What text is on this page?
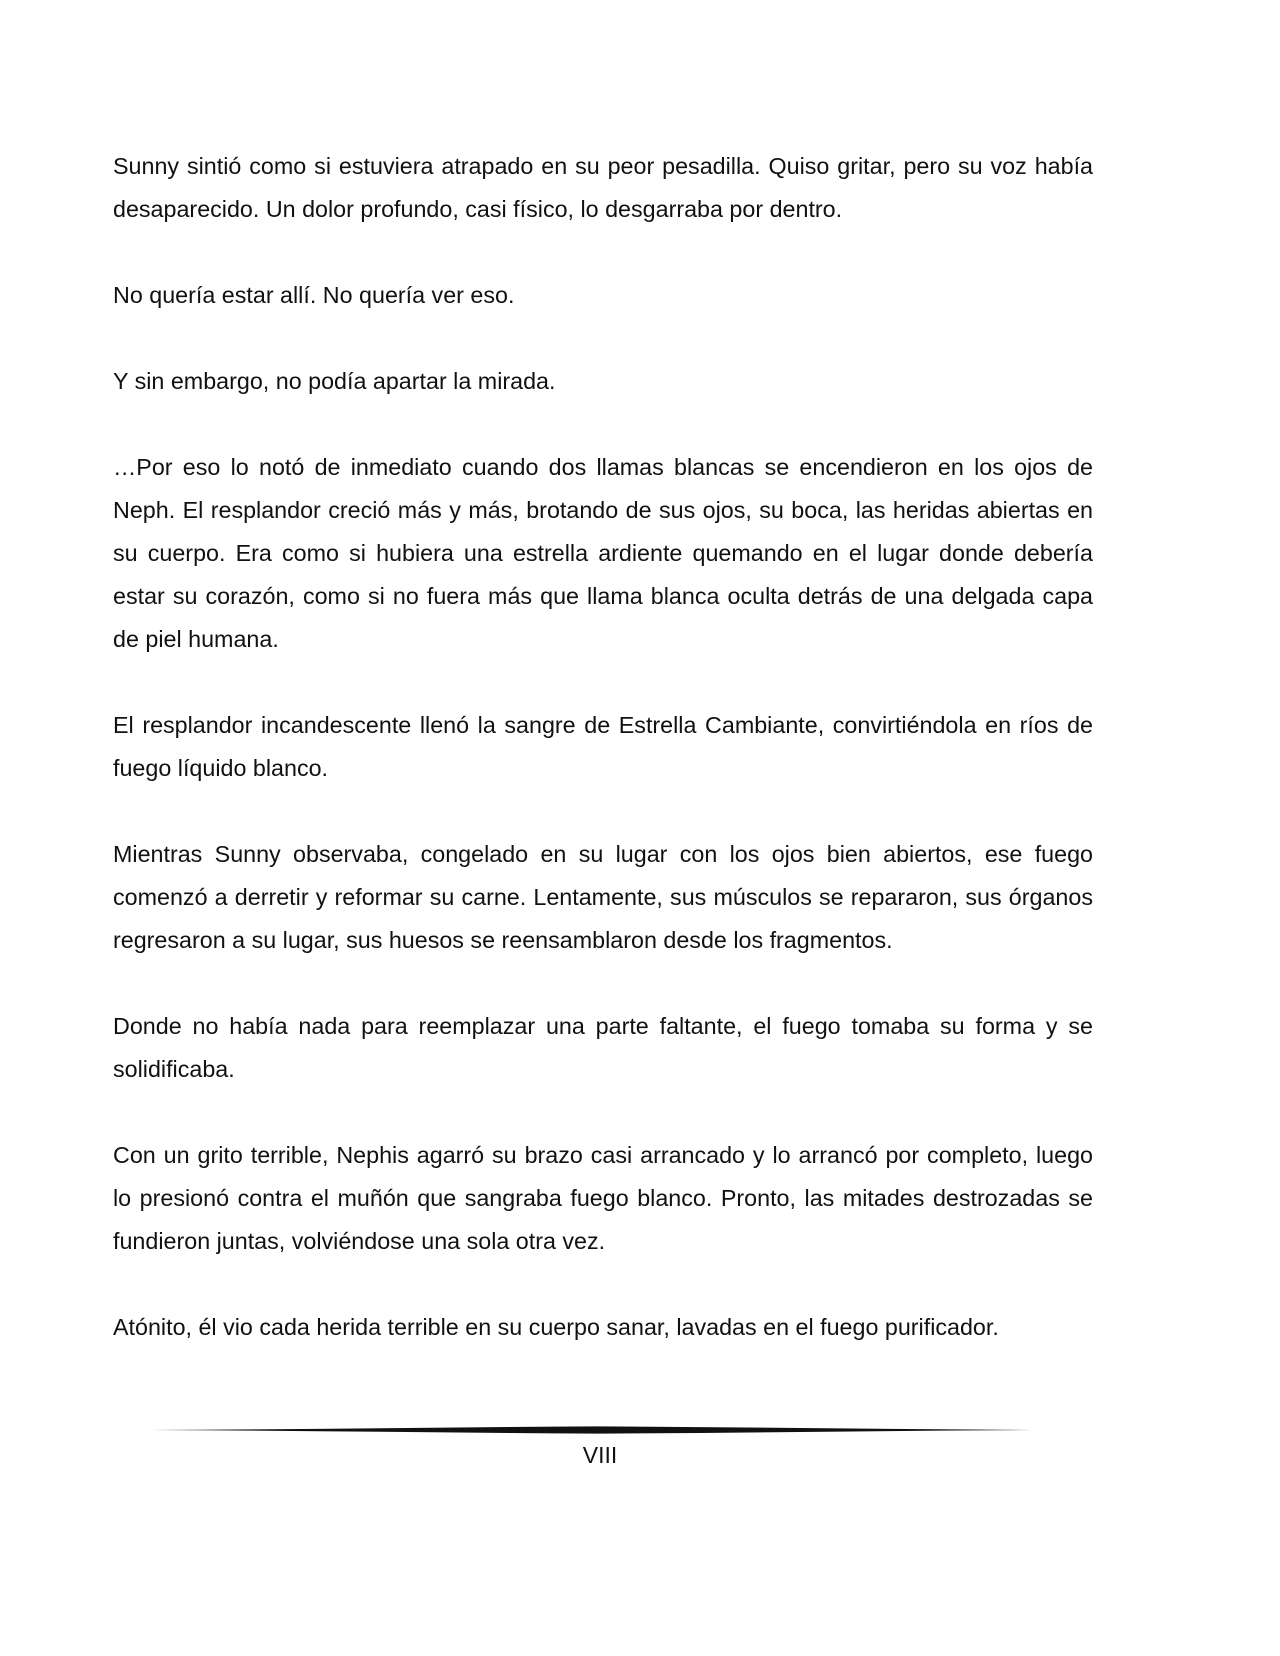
Sunny sintió como si estuviera atrapado en su peor pesadilla. Quiso gritar, pero su voz había desaparecido. Un dolor profundo, casi físico, lo desgarraba por dentro.

No quería estar allí. No quería ver eso.

Y sin embargo, no podía apartar la mirada.

…Por eso lo notó de inmediato cuando dos llamas blancas se encendieron en los ojos de Neph. El resplandor creció más y más, brotando de sus ojos, su boca, las heridas abiertas en su cuerpo. Era como si hubiera una estrella ardiente quemando en el lugar donde debería estar su corazón, como si no fuera más que llama blanca oculta detrás de una delgada capa de piel humana.

El resplandor incandescente llenó la sangre de Estrella Cambiante, convirtiéndola en ríos de fuego líquido blanco.

Mientras Sunny observaba, congelado en su lugar con los ojos bien abiertos, ese fuego comenzó a derretir y reformar su carne. Lentamente, sus músculos se repararon, sus órganos regresaron a su lugar, sus huesos se reensamblaron desde los fragmentos.

Donde no había nada para reemplazar una parte faltante, el fuego tomaba su forma y se solidificaba.

Con un grito terrible, Nephis agarró su brazo casi arrancado y lo arrancó por completo, luego lo presionó contra el muñón que sangraba fuego blanco. Pronto, las mitades destrozadas se fundieron juntas, volviéndose una sola otra vez.

Atónito, él vio cada herida terrible en su cuerpo sanar, lavadas en el fuego purificador.

VIII
